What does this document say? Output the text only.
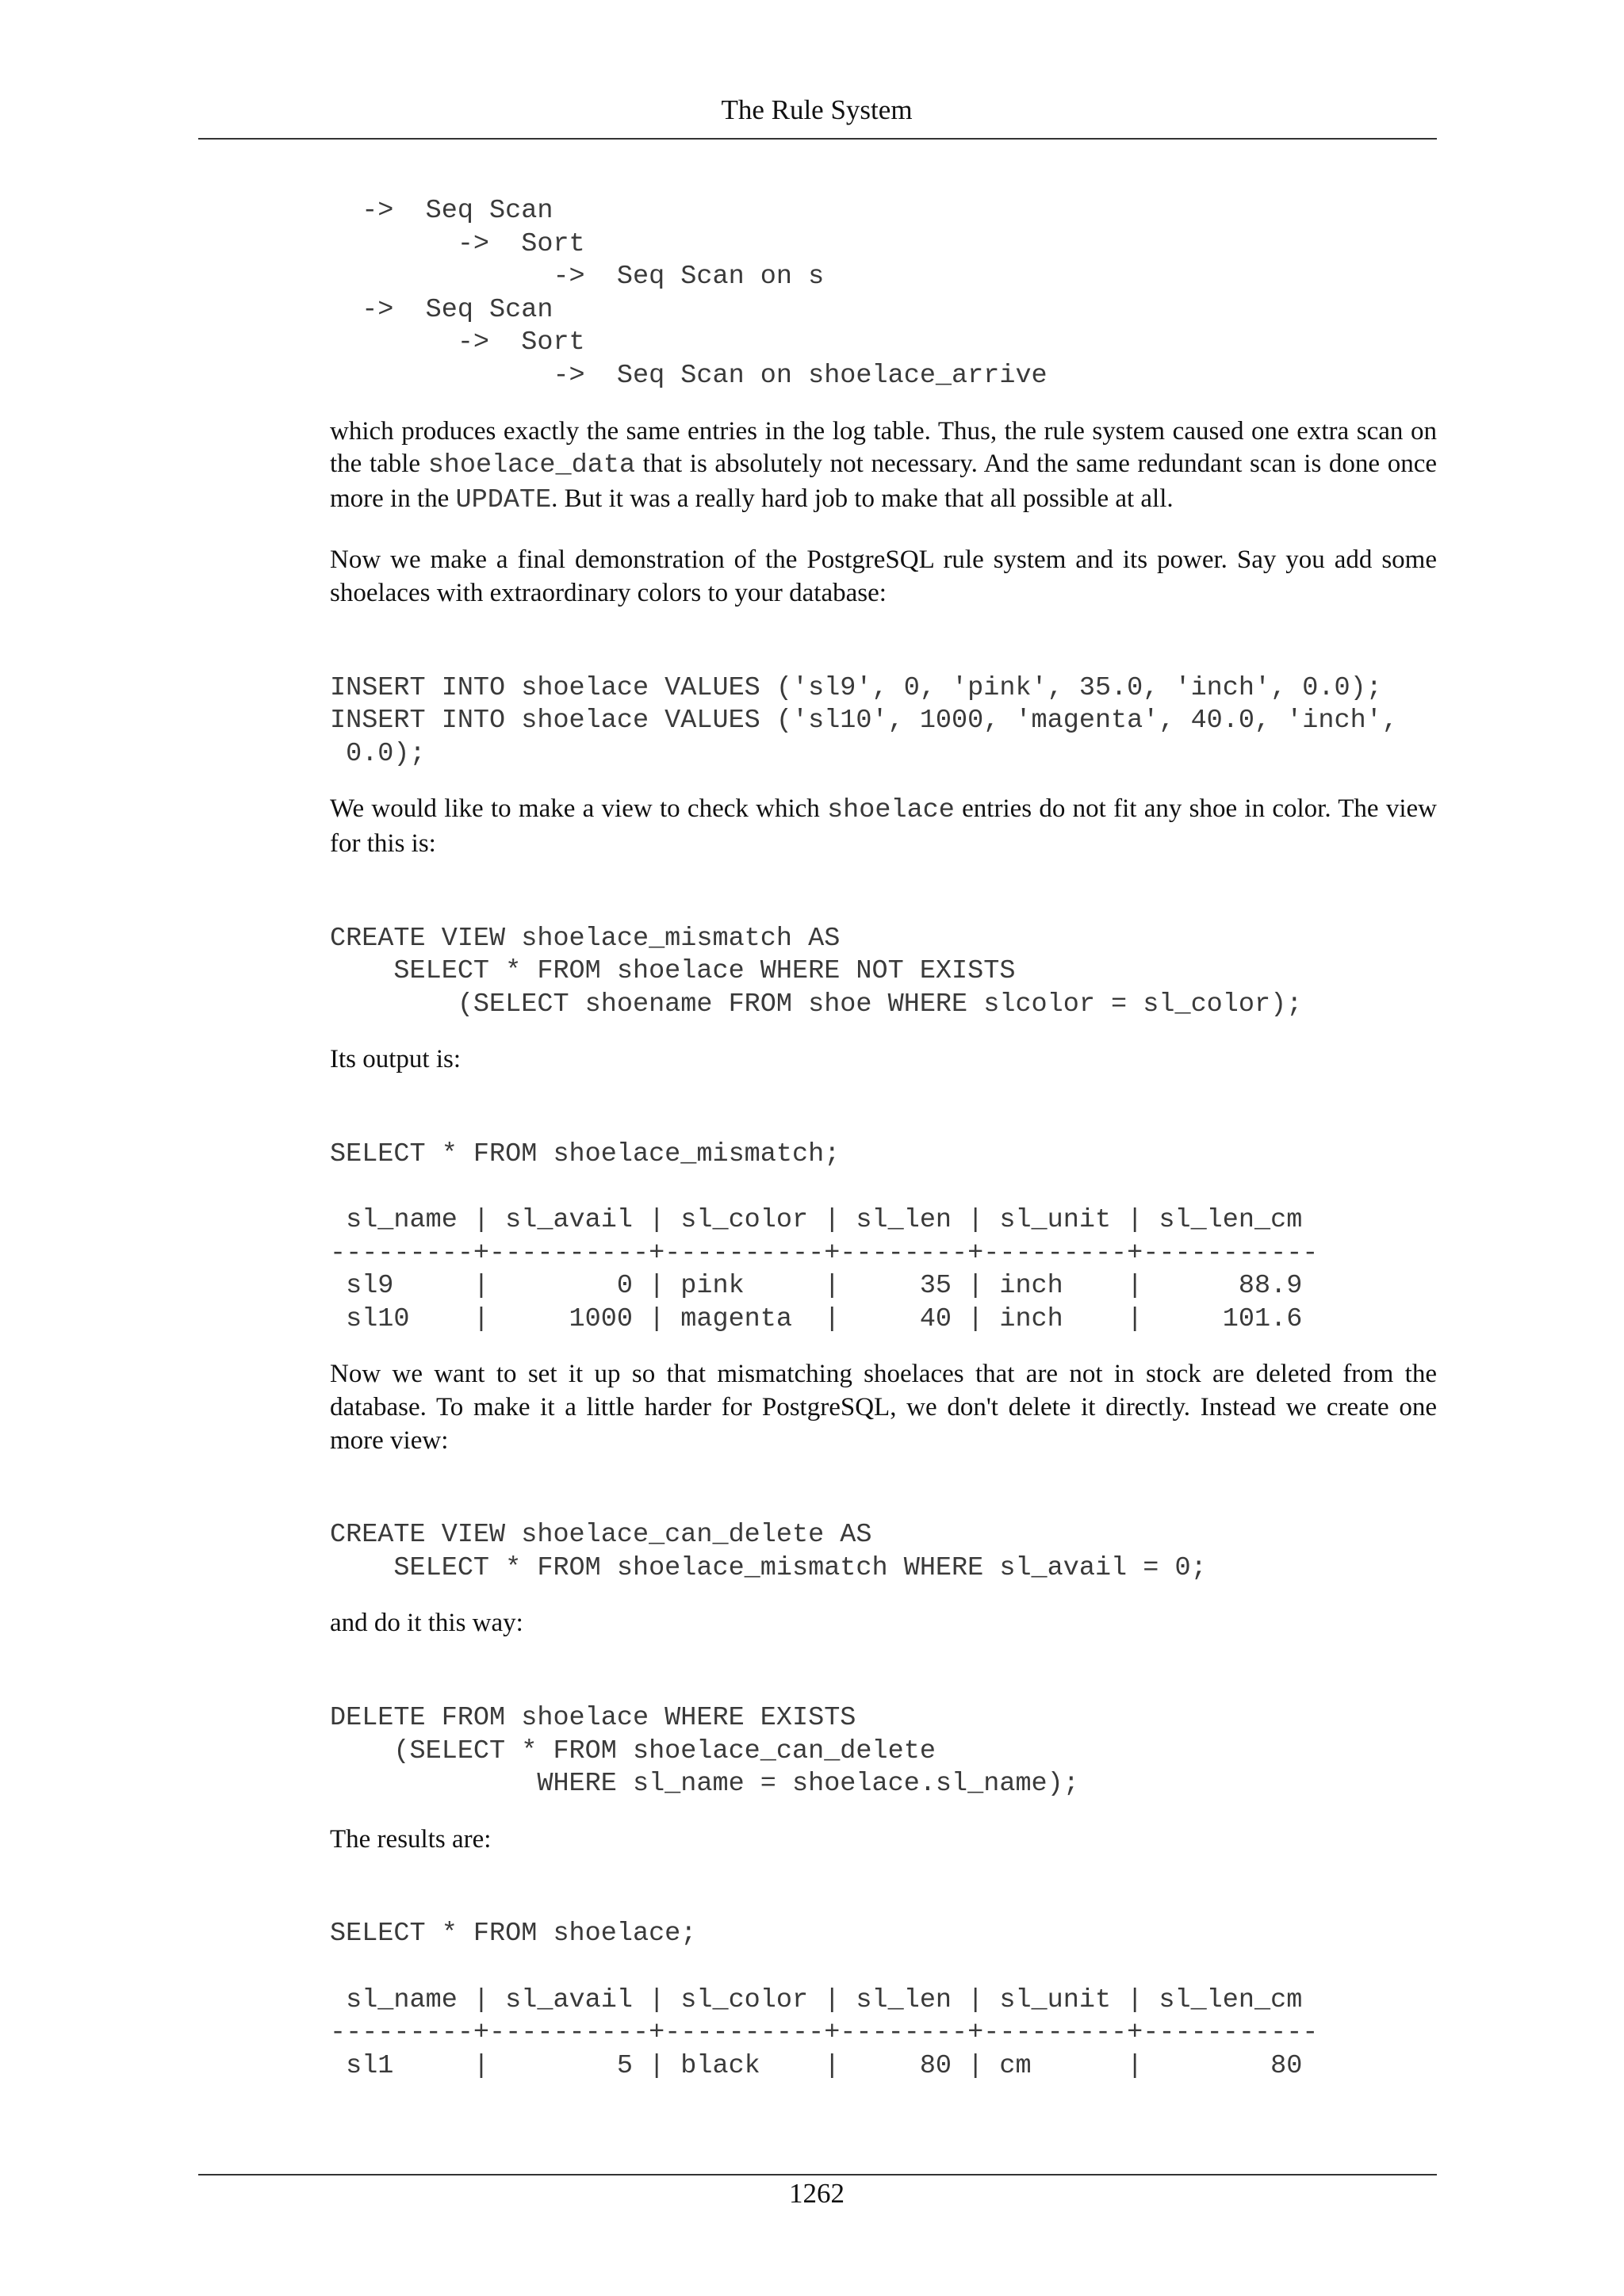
The Rule System
->  Seq Scan
->  Sort
->  Seq Scan on s
->  Seq Scan
->  Sort
->  Seq Scan on shoelace_arrive

which produces exactly the same entries in the log table. Thus, the rule system caused one extra scan on the table shoelace_data that is absolutely not necessary. And the same redundant scan is done once more in the UPDATE. But it was a really hard job to make that all possible at all.

Now we make a final demonstration of the PostgreSQL rule system and its power. Say you add some shoelaces with extraordinary colors to your database:

INSERT INTO shoelace VALUES ('sl9', 0, 'pink', 35.0, 'inch', 0.0);
INSERT INTO shoelace VALUES ('sl10', 1000, 'magenta', 40.0, 'inch',
0.0);

We would like to make a view to check which shoelace entries do not fit any shoe in color. The view for this is:

CREATE VIEW shoelace_mismatch AS
SELECT * FROM shoelace WHERE NOT EXISTS
(SELECT shoename FROM shoe WHERE slcolor = sl_color);

Its output is:

SELECT * FROM shoelace_mismatch;

sl_name | sl_avail | sl_color | sl_len | sl_unit | sl_len_cm
---------+----------+----------+--------+---------+-----------
sl9     |        0 | pink     |     35 | inch    |      88.9
sl10    |     1000 | magenta  |     40 | inch    |     101.6

Now we want to set it up so that mismatching shoelaces that are not in stock are deleted from the database. To make it a little harder for PostgreSQL, we don't delete it directly. Instead we create one more view:

CREATE VIEW shoelace_can_delete AS
SELECT * FROM shoelace_mismatch WHERE sl_avail = 0;

and do it this way:

DELETE FROM shoelace WHERE EXISTS
(SELECT * FROM shoelace_can_delete
WHERE sl_name = shoelace.sl_name);

The results are:

SELECT * FROM shoelace;

sl_name | sl_avail | sl_color | sl_len | sl_unit | sl_len_cm
---------+----------+----------+--------+---------+-----------
sl1     |        5 | black    |     80 | cm      |        80
1262
